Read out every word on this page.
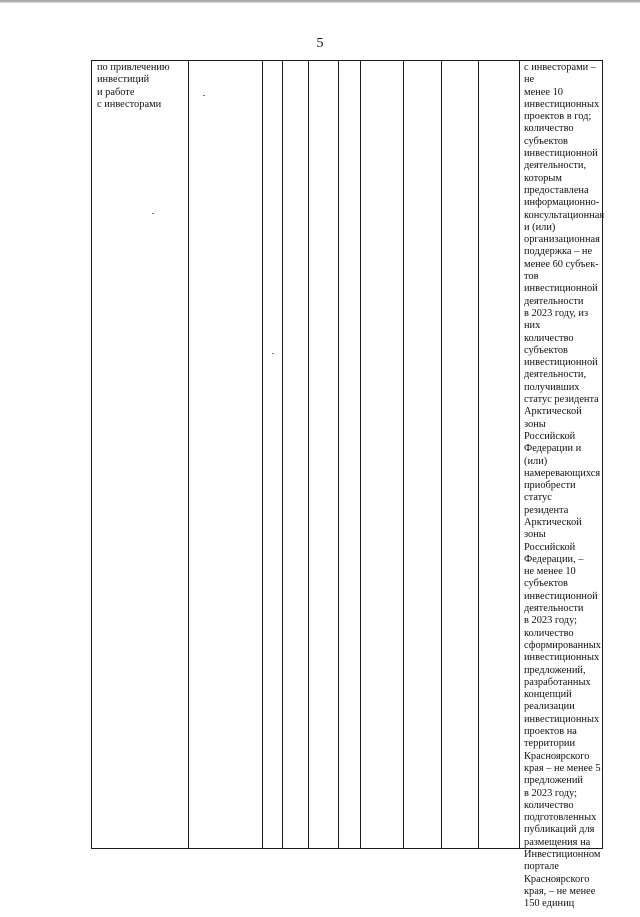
5
по привлечению
инвестиций
и работе
с инвесторами
с инвесторами – не
менее 10
инвестиционных
проектов в год;
количество
субъектов
инвестиционной
деятельности,
которым
предоставлена
информационно-
консультационная
и (или)
организационная
поддержка – не
менее 60 субъек-
тов
инвестиционной
деятельности
в 2023 году, из них
количество
субъектов
инвестиционной
деятельности,
получивших
статус резидента
Арктической зоны
Российской
Федерации и (или)
намеревающихся
приобрести статус
резидента
Арктической зоны
Российской
Федерации, –
не менее 10
субъектов
инвестиционной
деятельности
в 2023 году;
количество
сформированных
инвестиционных
предложений,
разработанных
концепций
реализации
инвестиционных
проектов на
территории
Красноярского
края – не менее 5
предложений
в 2023 году;
количество
подготовленных
публикаций для
размещения на
Инвестиционном
портале
Красноярского
края, – не менее
150 единиц
